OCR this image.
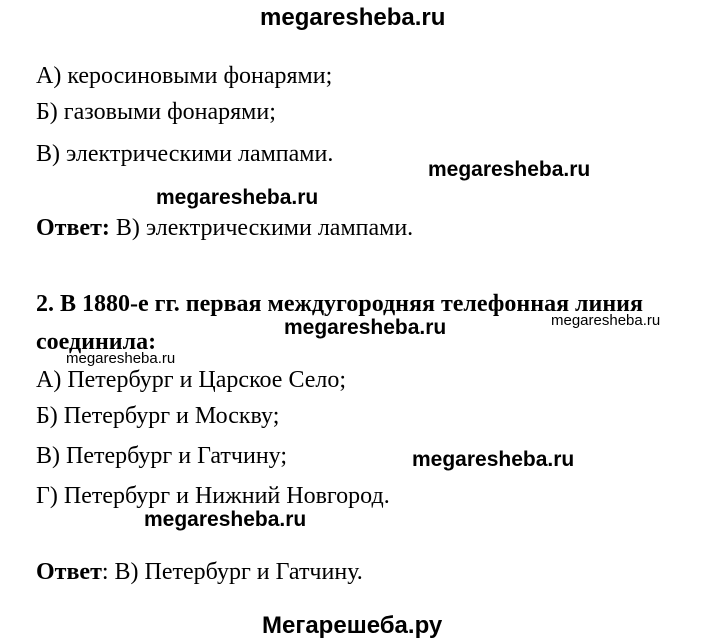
megaresheba.ru
А) керосиновыми фонарями;
Б) газовыми фонарями;
В) электрическими лампами.
megaresheba.ru
megaresheba.ru
Ответ: В) электрическими лампами.
2. В 1880-е гг. первая междугородняя телефонная линия
megaresheba.ru	megaresheba.ru
соединила:
megaresheba.ru
А) Петербург и Царское Село;
Б) Петербург и Москву;
В) Петербург и Гатчину;	megaresheba.ru
Г) Петербург и Нижний Новгород.
megaresheba.ru
Ответ: В) Петербург и Гатчину.
Мегарешеба.ру
